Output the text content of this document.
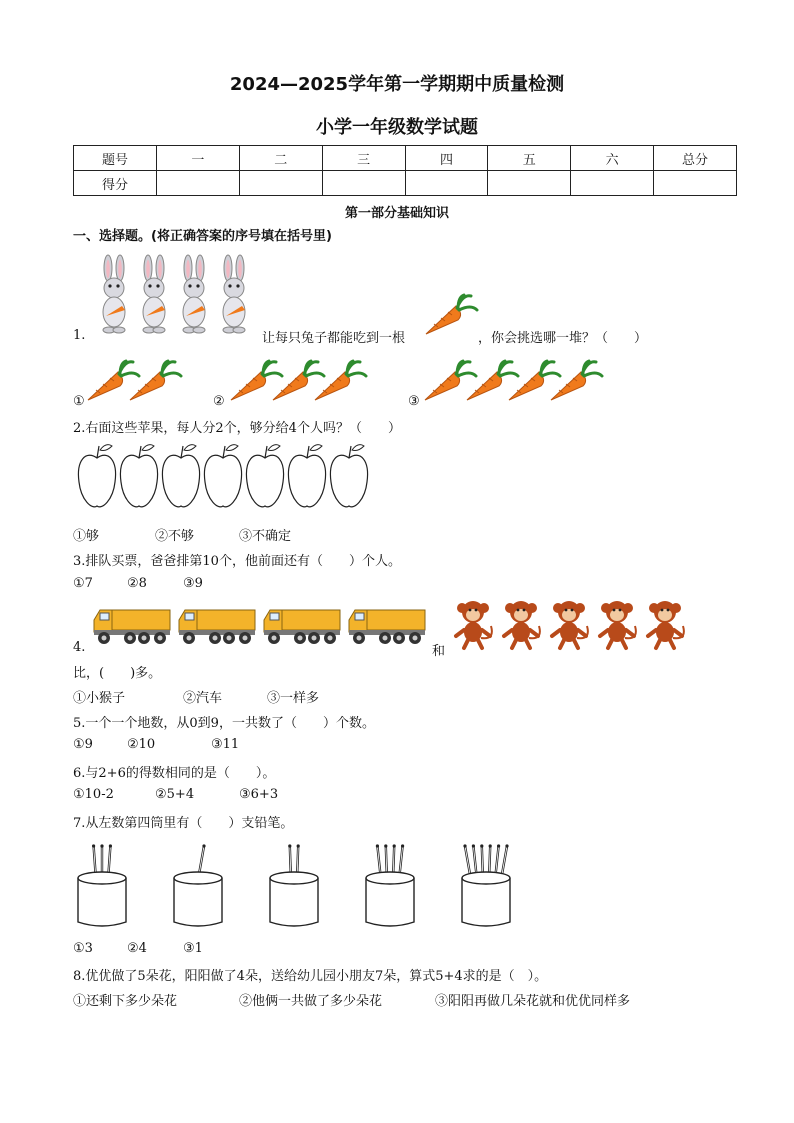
2024—2025学年第一学期期中质量检测
小学一年级数学试题
题号	一	二	三	四	五	六	总分
得分							
第一部分基础知识
一、选择题。(将正确答案的序号填在括号里)
1.	让每只兔子都能吃到一根	，你会挑选哪一堆？（　　）
①	②	③
2.右面这些苹果，每人分2个，够分给4个人吗？（　　）
①够	②不够	③不确定
3.排队买票，爸爸排第10个，他前面还有（　　）个人。
①7	②8	③9
4.	和
比，(　　)多。
①小猴子	②汽车	③一样多
5.一个一个地数，从0到9，一共数了（　　）个数。
①9	②10	③11
6.与2+6的得数相同的是（　　）。
①10-2	②5+4	③6+3
7.从左数第四筒里有（　　）支铅笔。
①3	②4	③1
8.优优做了5朵花，阳阳做了4朵，送给幼儿园小朋友7朵，算式5+4求的是（　）。
①还剩下多少朵花	②他俩一共做了多少朵花	③阳阳再做几朵花就和优优同样多
